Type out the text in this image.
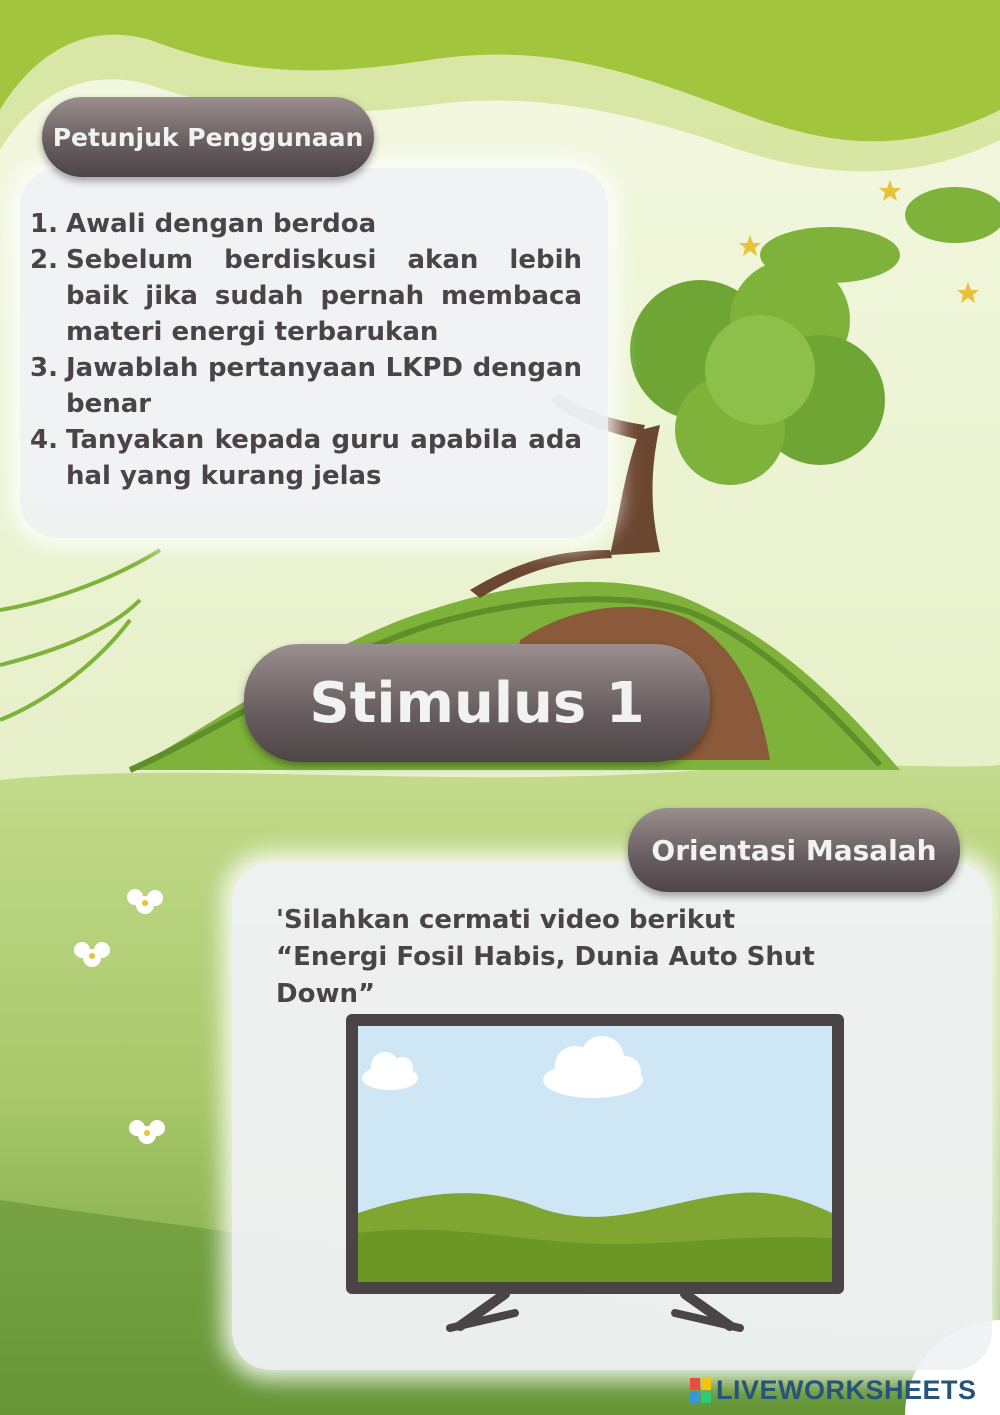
Petunjuk Penggunaan
1. Awali dengan berdoa
2. Sebelum berdiskusi akan lebih baik jika sudah pernah membaca materi energi terbarukan
3. Jawablah pertanyaan LKPD dengan benar
4. Tanyakan kepada guru apabila ada hal yang kurang jelas
Stimulus 1
Orientasi Masalah
'Silahkan cermati video berikut
“Energi Fosil Habis, Dunia Auto Shut Down”
LIVEWORKSHEETS
